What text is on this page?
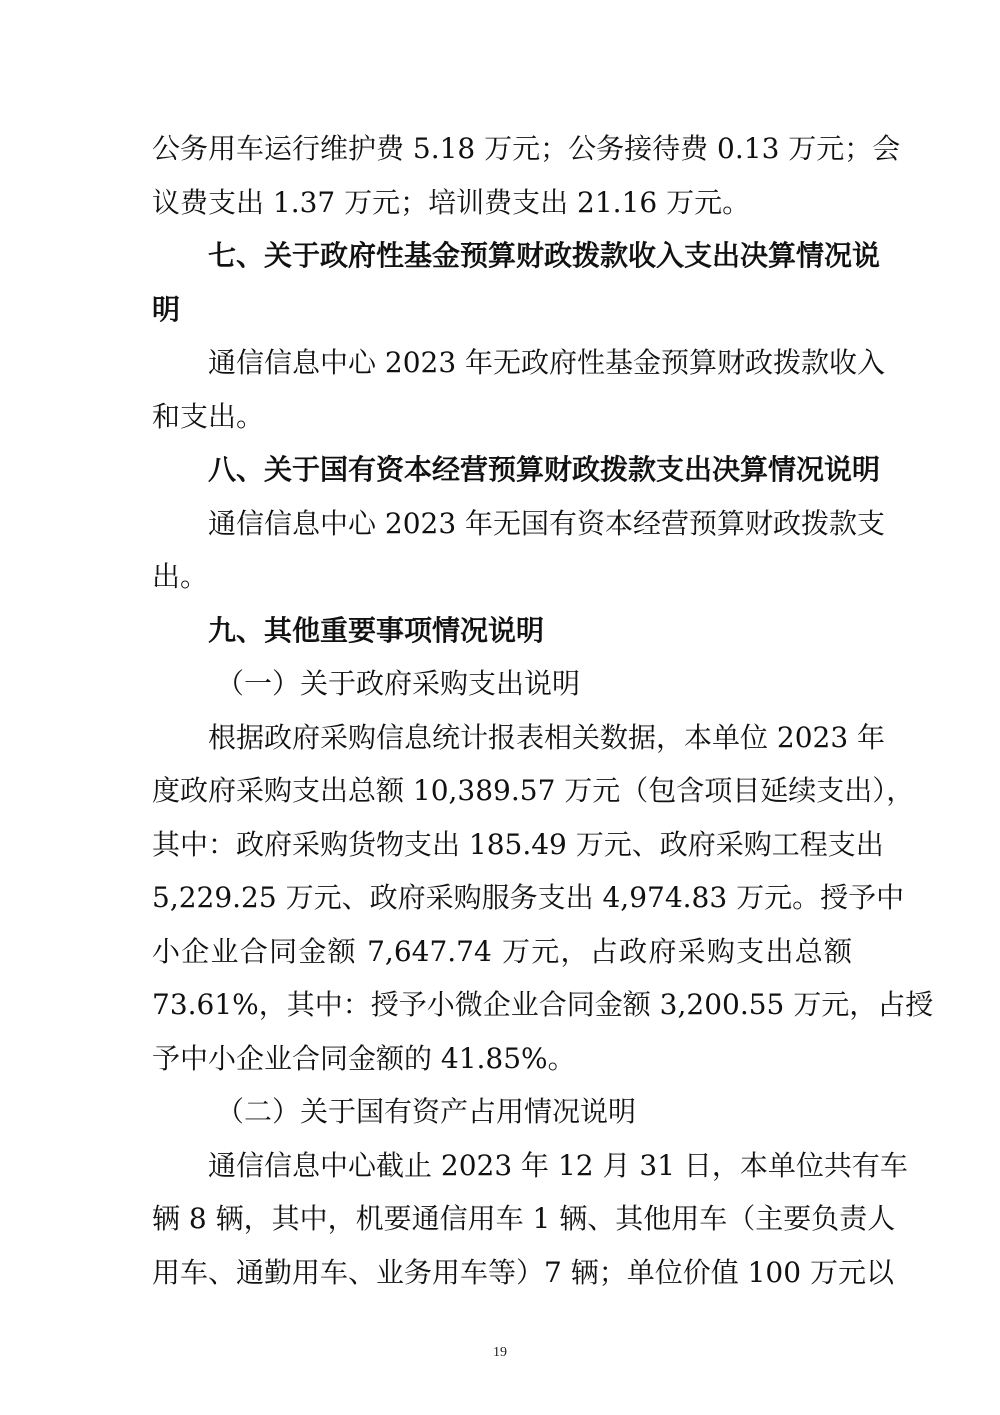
公务用车运行维护费 5.18 万元；公务接待费 0.13 万元；会
议费支出 1.37 万元；培训费支出 21.16 万元。
七、关于政府性基金预算财政拨款收入支出决算情况说
明
通信信息中心 2023 年无政府性基金预算财政拨款收入
和支出。
八、关于国有资本经营预算财政拨款支出决算情况说明
通信信息中心 2023 年无国有资本经营预算财政拨款支
出。
九、其他重要事项情况说明
（一）关于政府采购支出说明
根据政府采购信息统计报表相关数据，本单位 2023 年
度政府采购支出总额 10,389.57 万元（包含项目延续支出），
其中：政府采购货物支出 185.49 万元、政府采购工程支出
5,229.25 万元、政府采购服务支出 4,974.83 万元。授予中
小企业合同金额 7,647.74 万元，占政府采购支出总额
73.61%，其中：授予小微企业合同金额 3,200.55 万元，占授
予中小企业合同金额的 41.85%。
（二）关于国有资产占用情况说明
通信信息中心截止 2023 年 12 月 31 日，本单位共有车
辆 8 辆，其中，机要通信用车 1 辆、其他用车（主要负责人
用车、通勤用车、业务用车等）7 辆；单位价值 100 万元以
19
